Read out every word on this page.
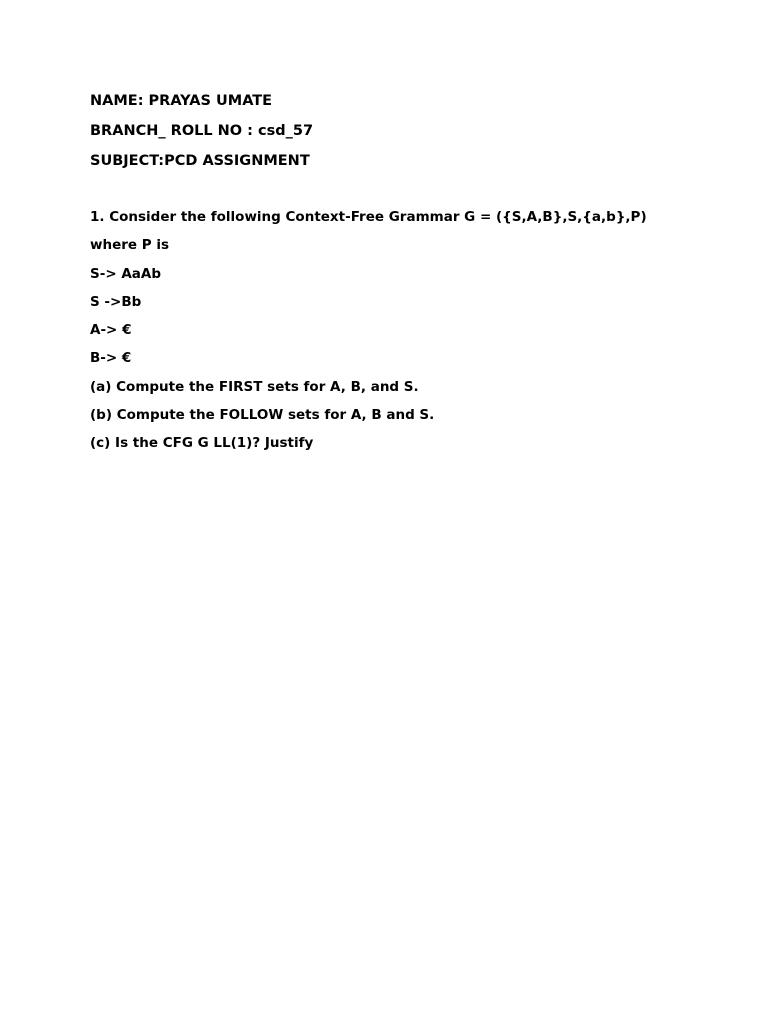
NAME: PRAYAS UMATE
BRANCH_ ROLL NO : csd_57
SUBJECT:PCD ASSIGNMENT
1. Consider the following Context-Free Grammar G = ({S,A,B},S,{a,b},P)
where P is
S-> AaAb
S ->Bb
A-> €
B-> €
(a) Compute the FIRST sets for A, B, and S.
(b) Compute the FOLLOW sets for A, B and S.
(c) Is the CFG G LL(1)? Justify
